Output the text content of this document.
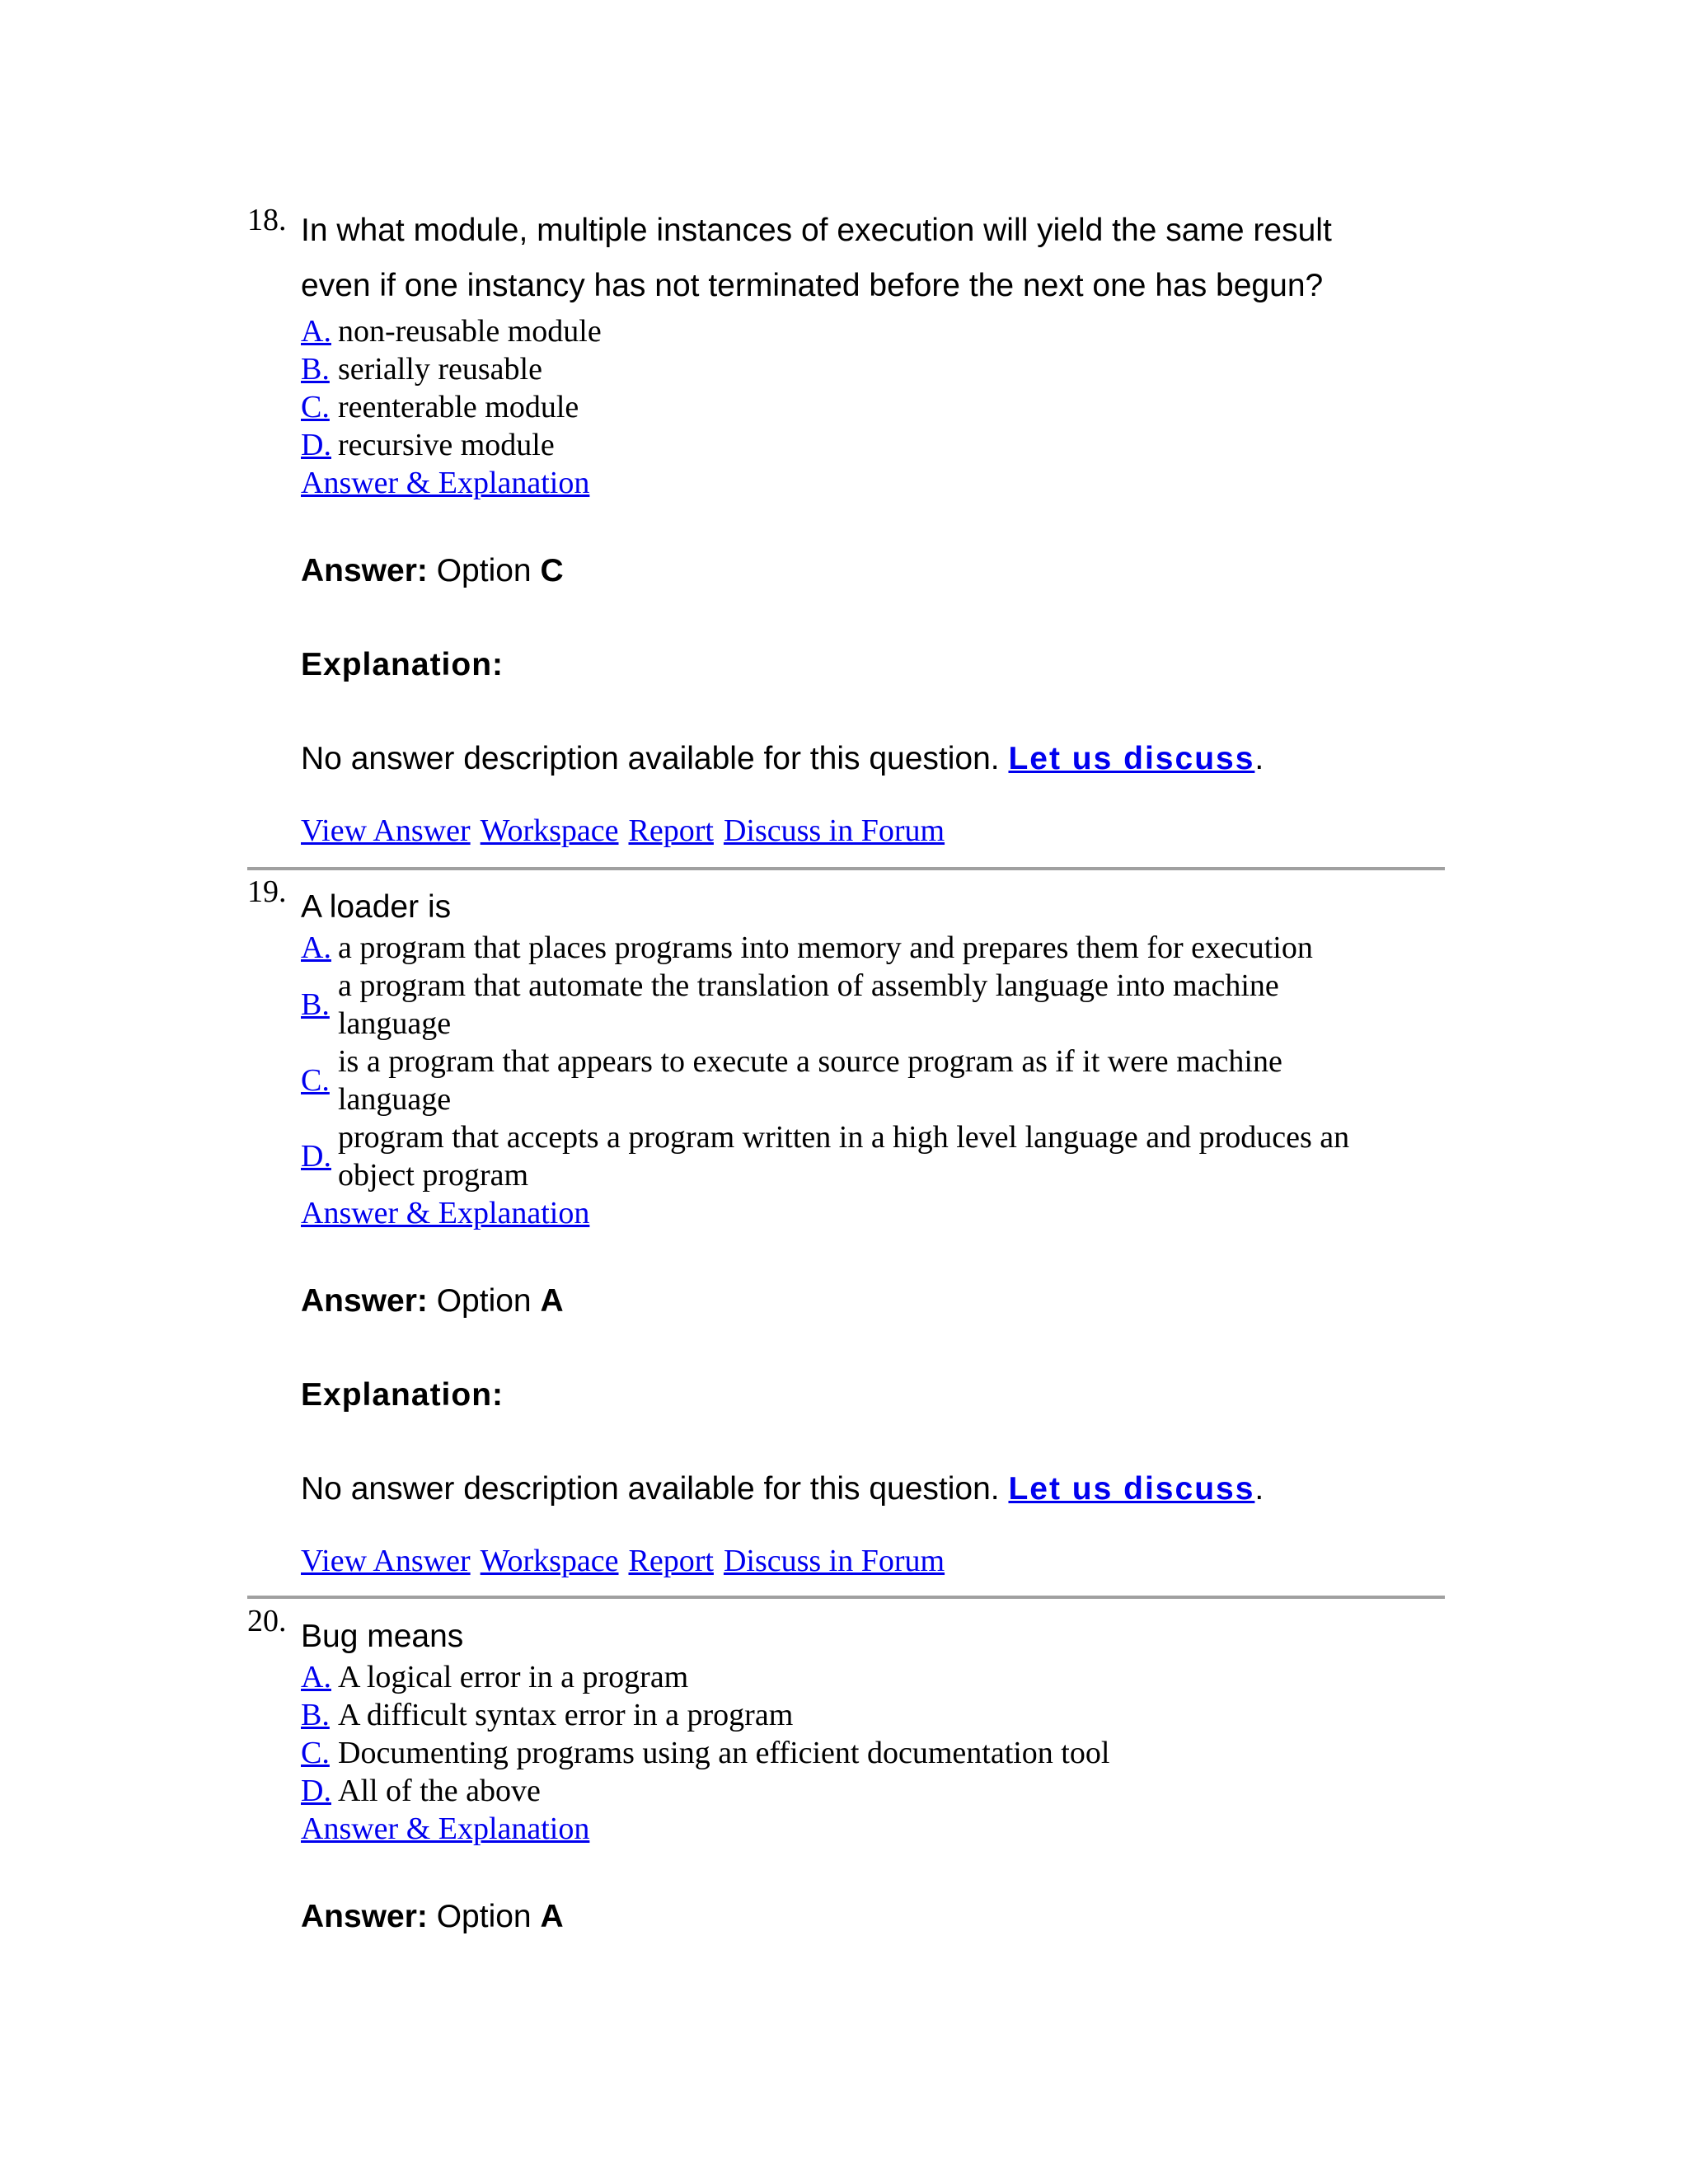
18. In what module, multiple instances of execution will yield the same result

even if one instancy has not terminated before the next one has begun?

A. non-reusable module
B. serially reusable
C. reenterable module
D. recursive module
Answer & Explanation

Answer: Option C

Explanation:

No answer description available for this question. Let us discuss.

View Answer Workspace Report Discuss in Forum

19. A loader is

A. a program that places programs into memory and prepares them for execution
B.
a program that automate the translation of assembly language into machine
language
C.
is a program that appears to execute a source program as if it were machine
language
D.
program that accepts a program written in a high level language and produces an
object program
Answer & Explanation

Answer: Option A

Explanation:

No answer description available for this question. Let us discuss.

View Answer Workspace Report Discuss in Forum

20. Bug means

A. A logical error in a program
B. A difficult syntax error in a program
C. Documenting programs using an efficient documentation tool
D. All of the above
Answer & Explanation

Answer: Option A
